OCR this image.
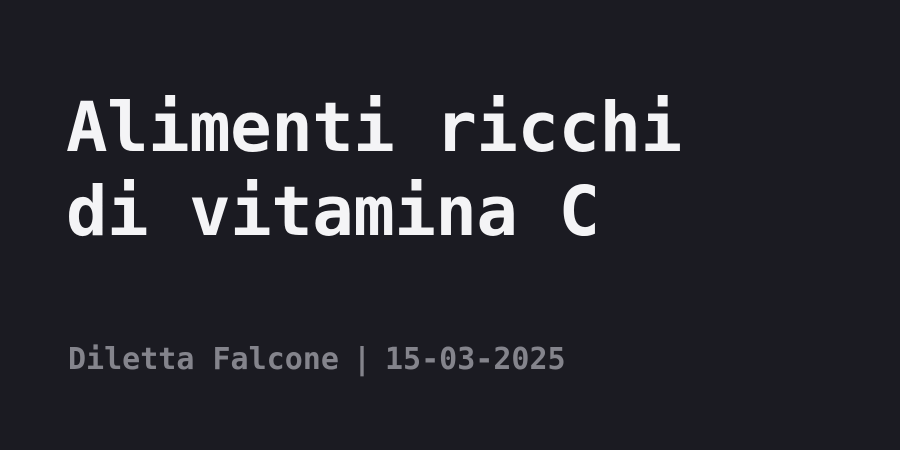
Alimenti ricchi
di vitamina C

Diletta Falcone | 15-03-2025
